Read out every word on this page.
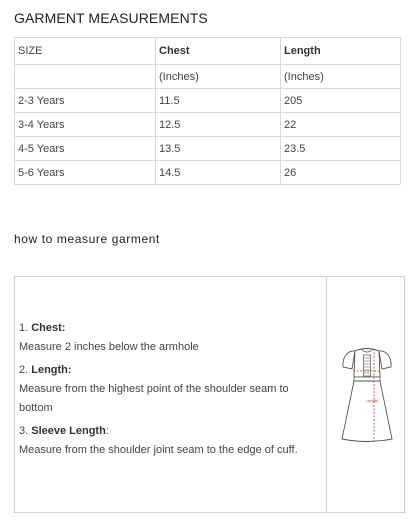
GARMENT MEASUREMENTS
SIZE	Chest	Length
	(Inches)	(Inches)
2-3 Years	11.5	205
3-4 Years	12.5	22
4-5 Years	13.5	23.5
5-6 Years	14.5	26
how to measure garment

1. Chest:
Measure 2 inches below the armhole

2. Length:
Measure from the highest point of the shoulder seam to bottom

3. Sleeve Length:
Measure from the shoulder joint seam to the edge of cuff.

Length
